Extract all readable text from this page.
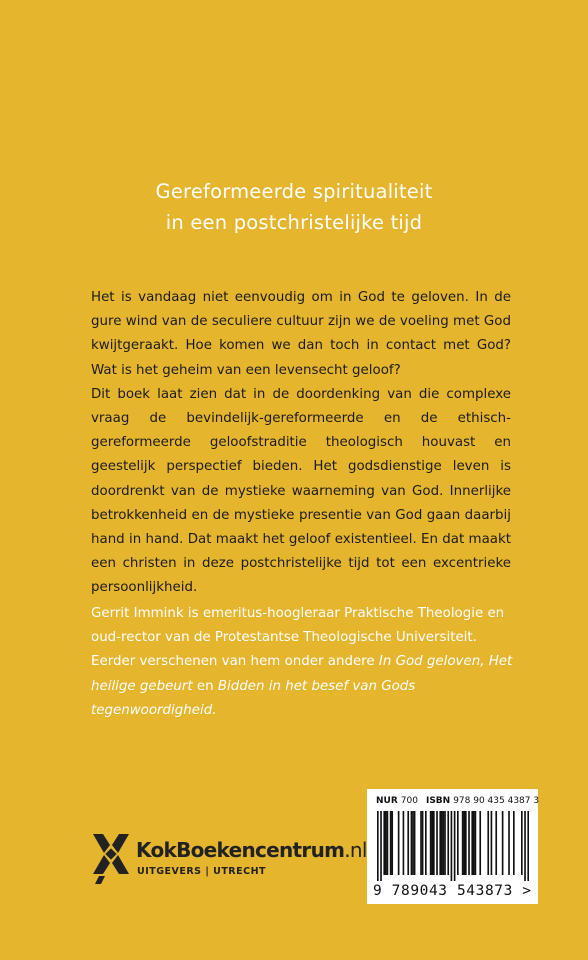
Gereformeerde spiritualiteit
in een postchristelijke tijd

Het is vandaag niet eenvoudig om in God te geloven. In de gure wind van de seculiere cultuur zijn we de voeling met God kwijtgeraakt. Hoe komen we dan toch in contact met God? Wat is het geheim van een levensecht geloof?

Dit boek laat zien dat in de doordenking van die complexe vraag de bevindelijk-gereformeerde en de ethisch-gereformeerde geloofstraditie theologisch houvast en geestelijk perspectief bieden. Het godsdienstige leven is doordrenkt van de mystieke waarneming van God. Innerlijke betrokkenheid en de mystieke presentie van God gaan daarbij hand in hand. Dat maakt het geloof existentieel. En dat maakt een christen in deze postchristelijke tijd tot een excentrieke persoonlijkheid.

Gerrit Immink is emeritus-hoogleraar Praktische Theologie en oud-rector van de Protestantse Theologische Universiteit. Eerder verschenen van hem onder andere In God geloven, Het heilige gebeurt en Bidden in het besef van Gods tegenwoordigheid.

KokBoekencentrum.nl
UITGEVERS | UTRECHT
NUR 700 ISBN 978 90 435 4387 3
9 789043 543873 >
